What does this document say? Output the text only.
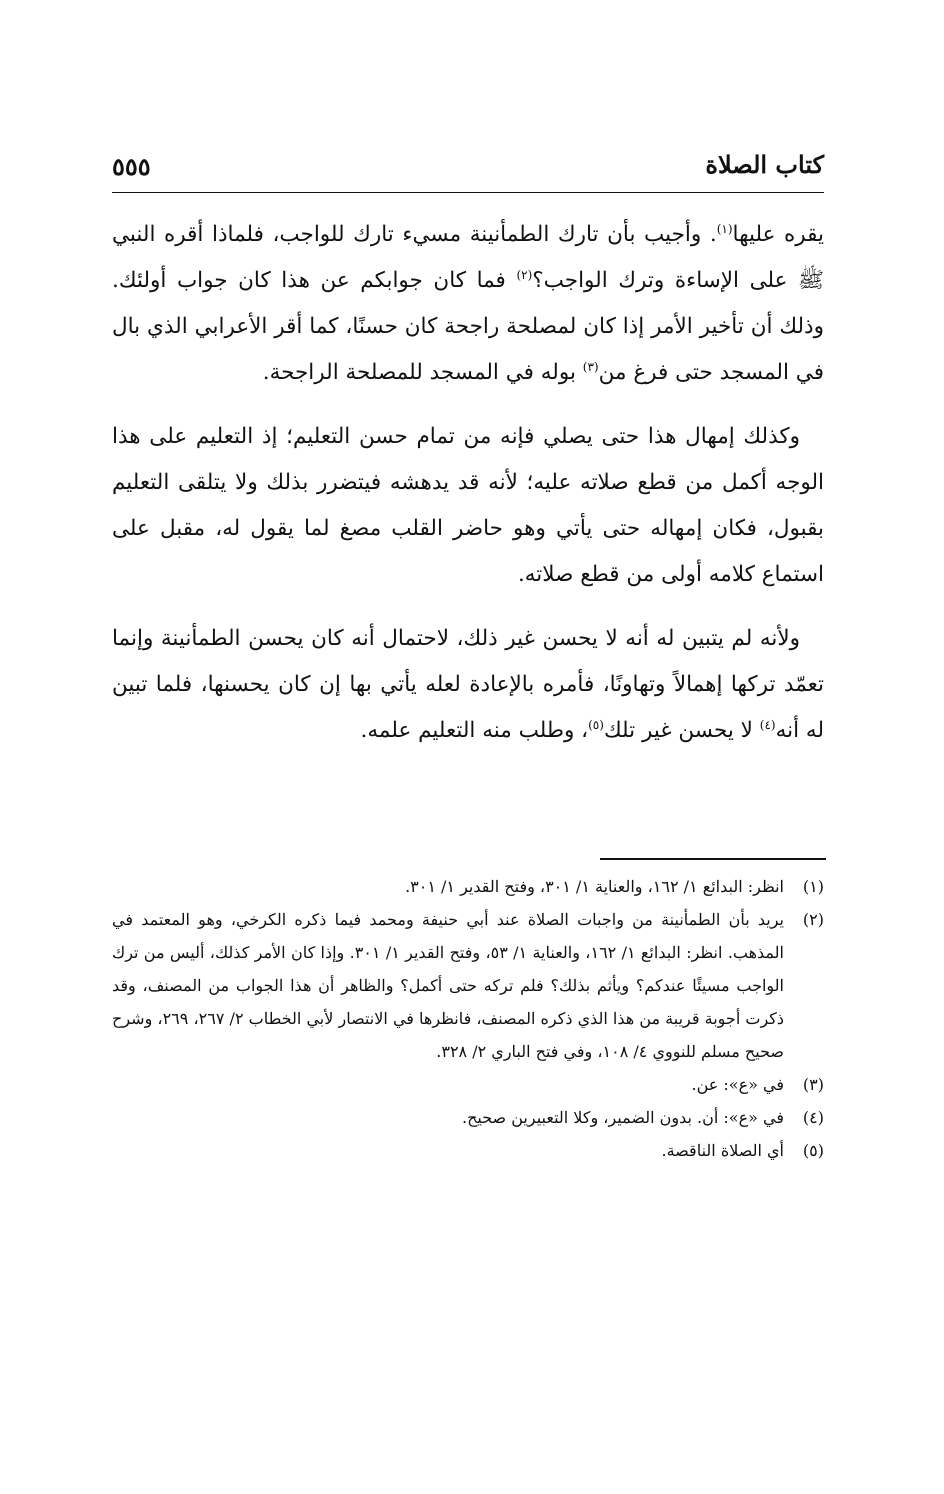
كتاب الصلاة
٥٥٥

يقره عليها$^{(١)}$. وأجيب بأن تارك الطمأنينة مسيء تارك للواجب، فلماذا أقره النبي ﷺ على الإساءة وترك الواجب؟$^{(٢)}$ فما كان جوابكم عن هذا كان جواب أولئك. وذلك أن تأخير الأمر إذا كان لمصلحة راجحة كان حسنًا، كما أقر الأعرابي الذي بال في المسجد حتى فرغ من$^{(٣)}$ بوله في المسجد للمصلحة الراجحة.

وكذلك إمهال هذا حتى يصلي فإنه من تمام حسن التعليم؛ إذ التعليم على هذا الوجه أكمل من قطع صلاته عليه؛ لأنه قد يدهشه فيتضرر بذلك ولا يتلقى التعليم بقبول، فكان إمهاله حتى يأتي وهو حاضر القلب مصغ لما يقول له، مقبل على استماع كلامه أولى من قطع صلاته.

ولأنه لم يتبين له أنه لا يحسن غير ذلك، لاحتمال أنه كان يحسن الطمأنينة وإنما تعمّد تركها إهمالاً وتهاونًا، فأمره بالإعادة لعله يأتي بها إن كان يحسنها، فلما تبين له أنه$^{(٤)}$ لا يحسن غير تلك$^{(٥)}$، وطلب منه التعليم علمه.

(١)
انظر: البدائع ١/ ١٦٢، والعناية ١/ ٣٠١، وفتح القدير ١/ ٣٠١.
(٢)
يريد بأن الطمأنينة من واجبات الصلاة عند أبي حنيفة ومحمد فيما ذكره الكرخي، وهو المعتمد في المذهب. انظر: البدائع ١/ ١٦٢، والعناية ١/ ٥٣، وفتح القدير ١/ ٣٠١. وإذا كان الأمر كذلك، أليس من ترك الواجب مسيئًا عندكم؟ ويأثم بذلك؟ فلم تركه حتى أكمل؟ والظاهر أن هذا الجواب من المصنف، وقد ذكرت أجوبة قريبة من هذا الذي ذكره المصنف، فانظرها في الانتصار لأبي الخطاب ٢/ ٢٦٧، ٢٦٩، وشرح صحيح مسلم للنووي ٤/ ١٠٨، وفي فتح الباري ٢/ ٣٢٨.
(٣)
في «ع»: عن.
(٤)
في «ع»: أن. بدون الضمير، وكلا التعبيرين صحيح.
(٥)
أي الصلاة الناقصة.
